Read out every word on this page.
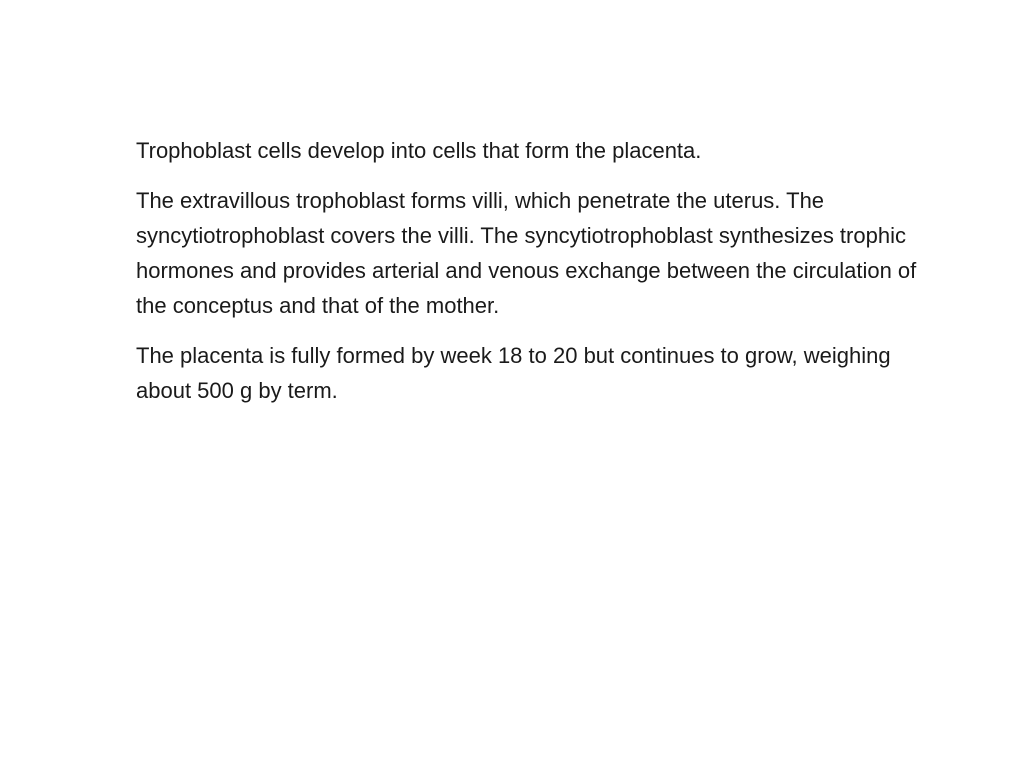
Trophoblast cells develop into cells that form the placenta.

The extravillous trophoblast forms villi, which penetrate the uterus. The syncytiotrophoblast covers the villi. The syncytiotrophoblast synthesizes trophic hormones and provides arterial and venous exchange between the circulation of the conceptus and that of the mother.

The placenta is fully formed by week 18 to 20 but continues to grow, weighing about 500 g by term.
